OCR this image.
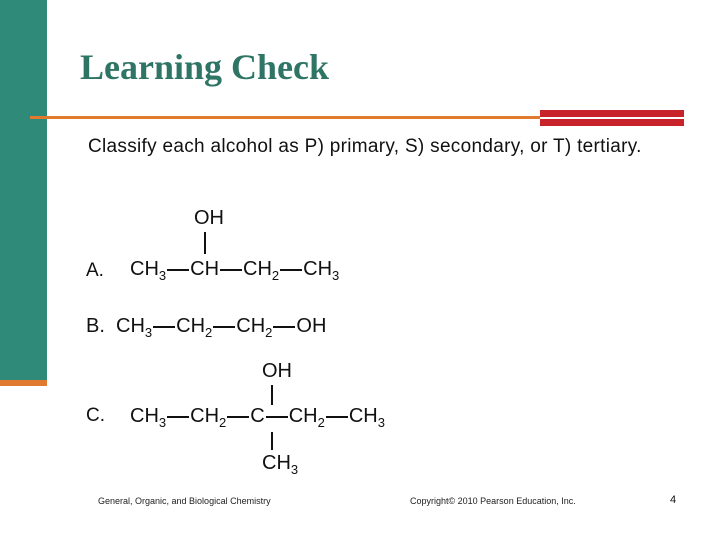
Learning Check
Classify each alcohol as P) primary, S) secondary, or T) tertiary.
A.
OH
$CH_3$ CH $CH_2$ $CH_3$
B. $CH_3$ $CH_2$ $CH_2$ OH
C.
OH
$CH_3$ $CH_2$ C $CH_2$ $CH_3$
$CH_3$
General, Organic, and Biological Chemistry	Copyright© 2010 Pearson Education, Inc.	4
